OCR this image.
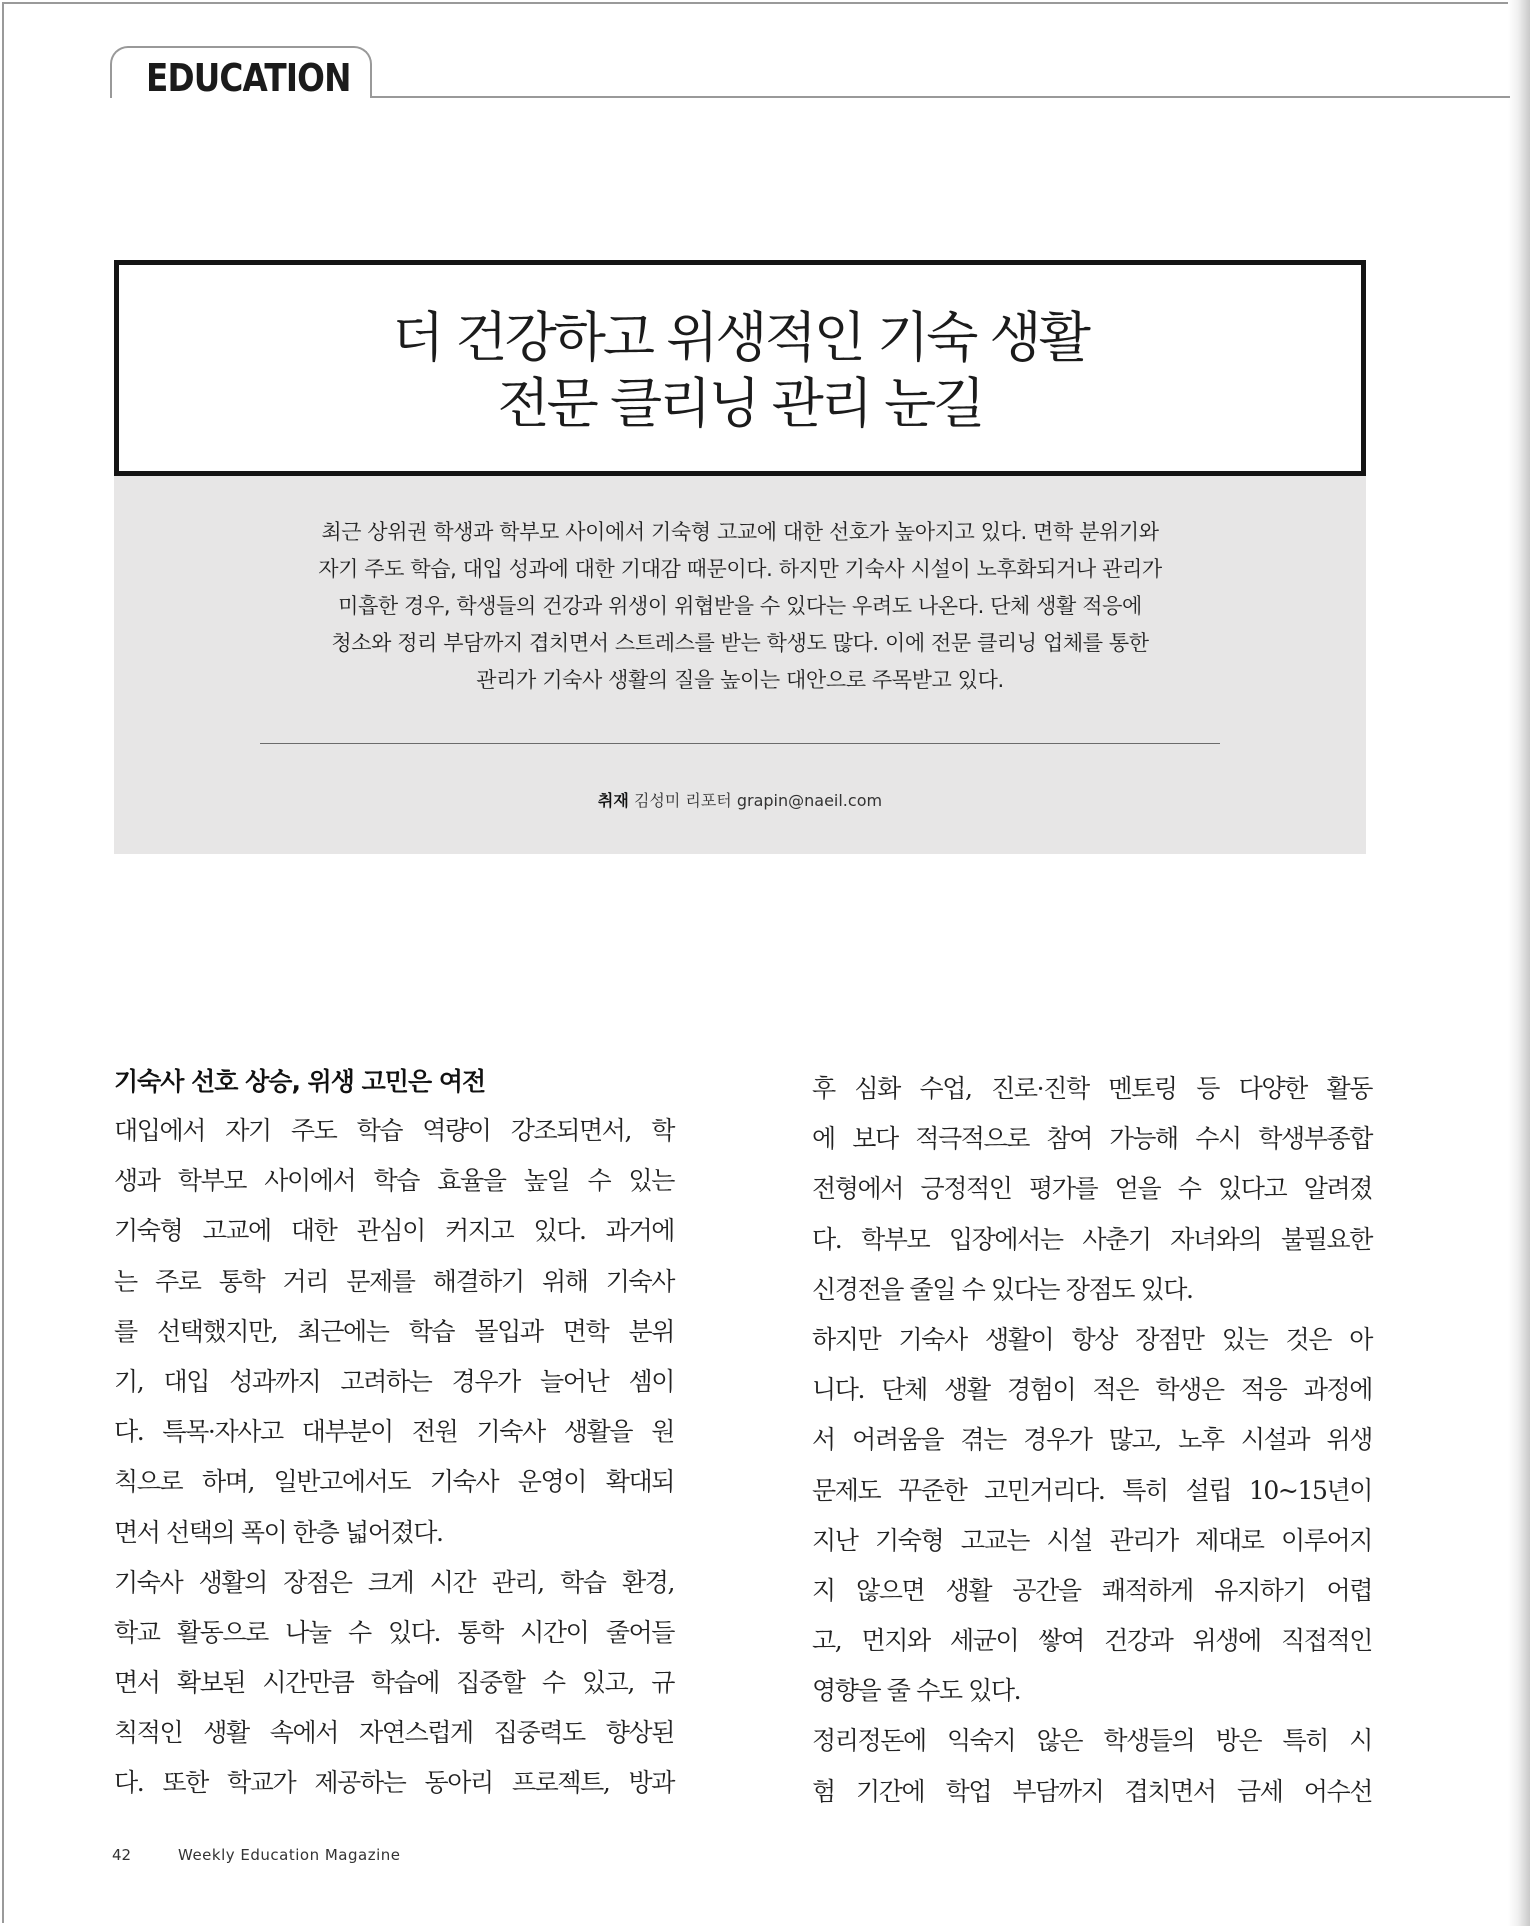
EDUCATION
더 건강하고 위생적인 기숙 생활
전문 클리닝 관리 눈길
최근 상위권 학생과 학부모 사이에서 기숙형 고교에 대한 선호가 높아지고 있다. 면학 분위기와
자기 주도 학습, 대입 성과에 대한 기대감 때문이다. 하지만 기숙사 시설이 노후화되거나 관리가
미흡한 경우, 학생들의 건강과 위생이 위협받을 수 있다는 우려도 나온다. 단체 생활 적응에
청소와 정리 부담까지 겹치면서 스트레스를 받는 학생도 많다. 이에 전문 클리닝 업체를 통한
관리가 기숙사 생활의 질을 높이는 대안으로 주목받고 있다.
취재 김성미 리포터 grapin@naeil.com
기숙사 선호 상승, 위생 고민은 여전
대입에서 자기 주도 학습 역량이 강조되면서, 학
생과 학부모 사이에서 학습 효율을 높일 수 있는
기숙형 고교에 대한 관심이 커지고 있다. 과거에
는 주로 통학 거리 문제를 해결하기 위해 기숙사
를 선택했지만, 최근에는 학습 몰입과 면학 분위
기, 대입 성과까지 고려하는 경우가 늘어난 셈이
다. 특목·자사고 대부분이 전원 기숙사 생활을 원
칙으로 하며, 일반고에서도 기숙사 운영이 확대되
면서 선택의 폭이 한층 넓어졌다.
기숙사 생활의 장점은 크게 시간 관리, 학습 환경,
학교 활동으로 나눌 수 있다. 통학 시간이 줄어들
면서 확보된 시간만큼 학습에 집중할 수 있고, 규
칙적인 생활 속에서 자연스럽게 집중력도 향상된
다. 또한 학교가 제공하는 동아리 프로젝트, 방과
후 심화 수업, 진로·진학 멘토링 등 다양한 활동
에 보다 적극적으로 참여 가능해 수시 학생부종합
전형에서 긍정적인 평가를 얻을 수 있다고 알려졌
다. 학부모 입장에서는 사춘기 자녀와의 불필요한
신경전을 줄일 수 있다는 장점도 있다.
하지만 기숙사 생활이 항상 장점만 있는 것은 아
니다. 단체 생활 경험이 적은 학생은 적응 과정에
서 어려움을 겪는 경우가 많고, 노후 시설과 위생
문제도 꾸준한 고민거리다. 특히 설립 10~15년이
지난 기숙형 고교는 시설 관리가 제대로 이루어지
지 않으면 생활 공간을 쾌적하게 유지하기 어렵
고, 먼지와 세균이 쌓여 건강과 위생에 직접적인
영향을 줄 수도 있다.
정리정돈에 익숙지 않은 학생들의 방은 특히 시
험 기간에 학업 부담까지 겹치면서 금세 어수선
42	Weekly Education Magazine
